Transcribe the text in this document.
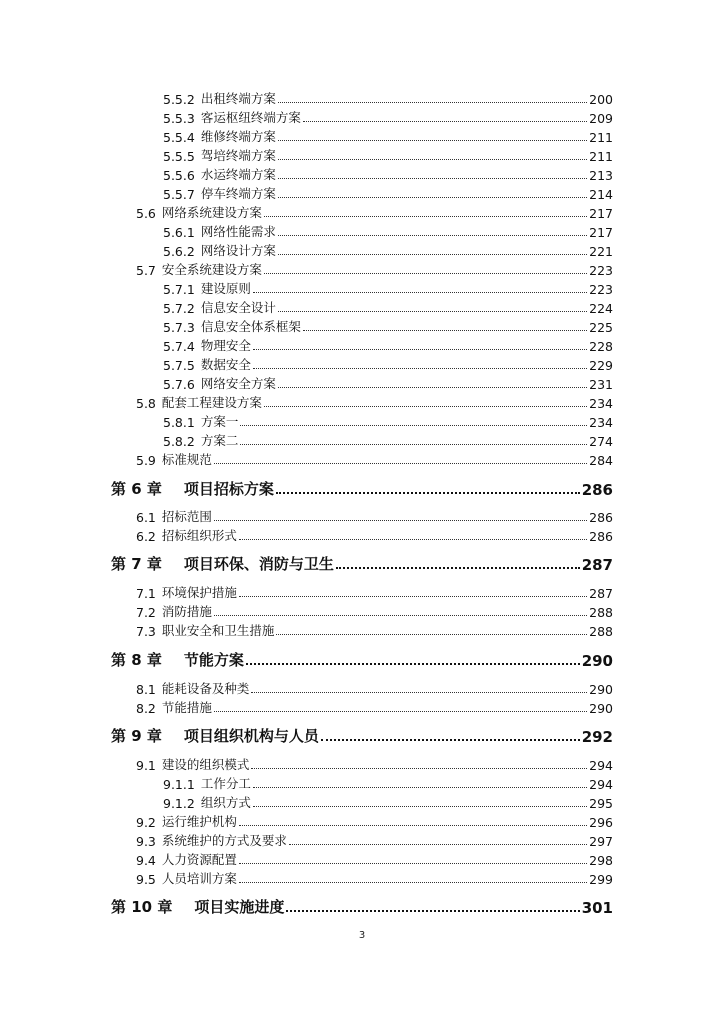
5.5.2 出租终端方案	200
5.5.3 客运枢纽终端方案	209
5.5.4 维修终端方案	211
5.5.5 驾培终端方案	211
5.5.6 水运终端方案	213
5.5.7 停车终端方案	214
5.6 网络系统建设方案	217
5.6.1 网络性能需求	217
5.6.2 网络设计方案	221
5.7 安全系统建设方案	223
5.7.1 建设原则	223
5.7.2 信息安全设计	224
5.7.3 信息安全体系框架	225
5.7.4 物理安全	228
5.7.5 数据安全	229
5.7.6 网络安全方案	231
5.8 配套工程建设方案	234
5.8.1 方案一	234
5.8.2 方案二	274
5.9 标准规范	284
第 6 章 项目招标方案	286
6.1 招标范围	286
6.2 招标组织形式	286
第 7 章 项目环保、消防与卫生	287
7.1 环境保护措施	287
7.2 消防措施	288
7.3 职业安全和卫生措施	288
第 8 章 节能方案	290
8.1 能耗设备及种类	290
8.2 节能措施	290
第 9 章 项目组织机构与人员	292
9.1 建设的组织模式	294
9.1.1 工作分工	294
9.1.2 组织方式	295
9.2 运行维护机构	296
9.3 系统维护的方式及要求	297
9.4 人力资源配置	298
9.5 人员培训方案	299
第 10 章 项目实施进度	301
3
